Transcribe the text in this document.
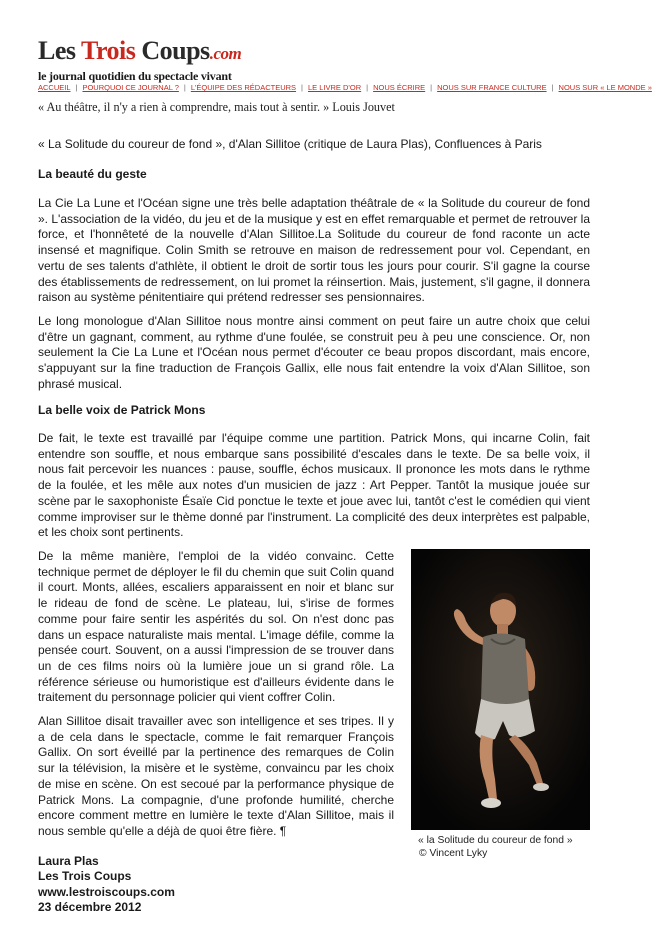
Les Trois Coups.com
le journal quotidien du spectacle vivant
ACCUEIL | POURQUOI CE JOURNAL ? | L'ÉQUIPE DES RÉDACTEURS | LE LIVRE D'OR | NOUS ÉCRIRE | NOUS SUR FRANCE CULTURE | NOUS SUR « LE MONDE »
« Au théâtre, il n'y a rien à comprendre, mais tout à sentir. » Louis Jouvet
« La Solitude du coureur de fond », d'Alan Sillitoe (critique de Laura Plas), Confluences à Paris
La beauté du geste

La Cie La Lune et l'Océan signe une très belle adaptation théâtrale de « la Solitude du coureur de fond ». L'association de la vidéo, du jeu et de la musique y est en effet remarquable et permet de retrouver la force, et l'honnêteté de la nouvelle d'Alan Sillitoe.La Solitude du coureur de fond raconte un acte insensé et magnifique. Colin Smith se retrouve en maison de redressement pour vol. Cependant, en vertu de ses talents d'athlète, il obtient le droit de sortir tous les jours pour courir. S'il gagne la course des établissements de redressement, on lui promet la réinsertion. Mais, justement, s'il gagne, il donnera raison au système pénitentiaire qui prétend redresser ses pensionnaires.

Le long monologue d'Alan Sillitoe nous montre ainsi comment on peut faire un autre choix que celui d'être un gagnant, comment, au rythme d'une foulée, se construit peu à peu une conscience. Or, non seulement la Cie La Lune et l'Océan nous permet d'écouter ce beau propos discordant, mais encore, s'appuyant sur la fine traduction de François Gallix, elle nous fait entendre la voix d'Alan Sillitoe, son phrasé musical.

La belle voix de Patrick Mons

De fait, le texte est travaillé par l'équipe comme une partition. Patrick Mons, qui incarne Colin, fait entendre son souffle, et nous embarque sans possibilité d'escales dans le texte. De sa belle voix, il nous fait percevoir les nuances : pause, souffle, échos musicaux. Il prononce les mots dans le rythme de la foulée, et les mêle aux notes d'un musicien de jazz : Art Pepper. Tantôt la musique jouée sur scène par le saxophoniste Ésaïe Cid ponctue le texte et joue avec lui, tantôt c'est le comédien qui vient comme improviser sur le thème donné par l'instrument. La complicité des deux interprètes est palpable, et les choix sont pertinents.

De la même manière, l'emploi de la vidéo convainc. Cette technique permet de déployer le fil du chemin que suit Colin quand il court. Monts, allées, escaliers apparaissent en noir et blanc sur le rideau de fond de scène. Le plateau, lui, s'irise de formes comme pour faire sentir les aspérités du sol. On n'est donc pas dans un espace naturaliste mais mental. L'image défile, comme la pensée court. Souvent, on a aussi l'impression de se trouver dans un de ces films noirs où la lumière joue un si grand rôle. La référence sérieuse ou humoristique est d'ailleurs évidente dans le traitement du personnage policier qui vient coffrer Colin.

Alan Sillitoe disait travailler avec son intelligence et ses tripes. Il y a de cela dans le spectacle, comme le fait remarquer François Gallix. On sort éveillé par la pertinence des remarques de Colin sur la télévision, la misère et le système, convaincu par les choix de mise en scène. On est secoué par la performance physique de Patrick Mons. La compagnie, d'une profonde humilité, cherche encore comment mettre en lumière le texte d'Alan Sillitoe, mais il nous semble qu'elle a déjà de quoi être fière. ¶

« la Solitude du coureur de fond »
© Vincent Lyky
Laura Plas
Les Trois Coups
www.lestroiscoups.com
23 décembre 2012
